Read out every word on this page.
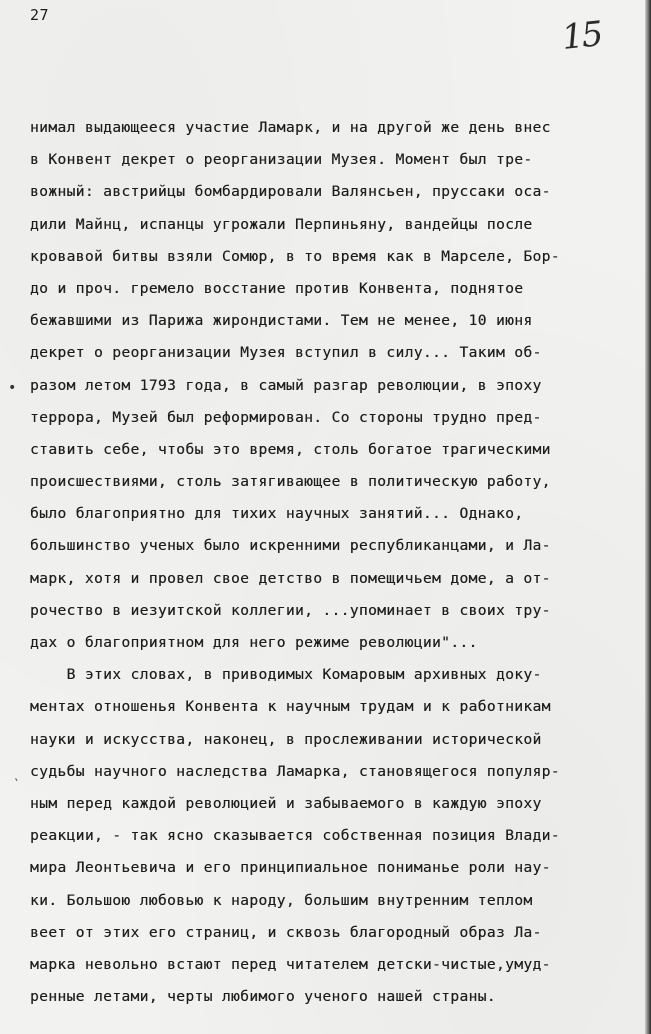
27	15
•
‵
нимал выдающееся участие Ламарк, и на другой же день внес
в Конвент декрет о реорганизации Музея. Момент был тре-
вожный: австрийцы бомбардировали Валянсьен, пруссаки оса-
дили Майнц, испанцы угрожали Перпиньяну, вандейцы после
кровавой битвы взяли Сомюр, в то время как в Марселе, Бор-
до и проч. гремело восстание против Конвента, поднятое
бежавшими из Парижа жирондистами. Тем не менее, 10 июня
декрет о реорганизации Музея вступил в силу... Таким об-
разом летом 1793 года, в самый разгар революции, в эпоху
террора, Музей был реформирован. Со стороны трудно пред-
ставить себе, чтобы это время, столь богатое трагическими
происшествиями, столь затягивающее в политическую работу,
было благоприятно для тихих научных занятий... Однако,
большинство ученых было искренними республиканцами, и Ла-
марк, хотя и провел свое детство в помещичьем доме, а от-
рочество в иезуитской коллегии, ...упоминает в своих тру-
дах о благоприятном для него режиме революции"...
В этих словах, в приводимых Комаровым архивных доку-
ментах отношенья Конвента к научным трудам и к работникам
науки и искусства, наконец, в прослеживании исторической
судьбы научного наследства Ламарка, становящегося популяр-
ным перед каждой революцией и забываемого в каждую эпоху
реакции, - так ясно сказывается собственная позиция Влади-
мира Леонтьевича и его принципиальное пониманье роли нау-
ки. Большою любовью к народу, большим внутренним теплом
веет от этих его страниц, и сквозь благородный образ Ла-
марка невольно встают перед читателем детски-чистые,умуд-
ренные летами, черты любимого ученого нашей страны.
